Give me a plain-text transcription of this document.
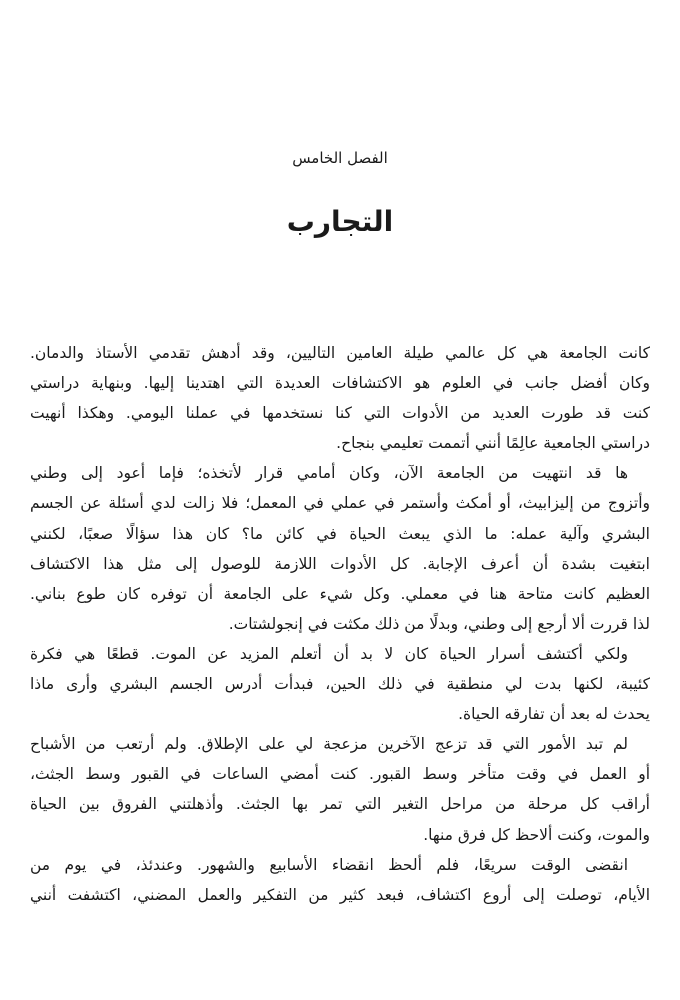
الفصل الخامس
التجارب
كانت الجامعة هي كل عالمي طيلة العامين التاليين، وقد أدهش تقدمي الأستاذ والدمان.
وكان أفضل جانب في العلوم هو الاكتشافات العديدة التي اهتدينا إليها. وبنهاية دراستي
كنت قد طورت العديد من الأدوات التي كنا نستخدمها في عملنا اليومي. وهكذا أنهيت
دراستي الجامعية عالِمًا أنني أتممت تعليمي بنجاح.
ها قد انتهيت من الجامعة الآن، وكان أمامي قرار لأتخذه؛ فإما أعود إلى وطني
وأتزوج من إليزابيث، أو أمكث وأستمر في عملي في المعمل؛ فلا زالت لدي أسئلة عن الجسم
البشري وآلية عمله: ما الذي يبعث الحياة في كائن ما؟ كان هذا سؤالًا صعبًا، لكنني
ابتغيت بشدة أن أعرف الإجابة. كل الأدوات اللازمة للوصول إلى مثل هذا الاكتشاف
العظيم كانت متاحة هنا في معملي. وكل شيء على الجامعة أن توفره كان طوع بناني.
لذا قررت ألا أرجع إلى وطني، وبدلًا من ذلك مكثت في إنجولشتات.
ولكي أكتشف أسرار الحياة كان لا بد أن أتعلم المزيد عن الموت. قطعًا هي فكرة
كئيبة، لكنها بدت لي منطقية في ذلك الحين، فبدأت أدرس الجسم البشري وأرى ماذا
يحدث له بعد أن تفارقه الحياة.
لم تبد الأمور التي قد تزعج الآخرين مزعجة لي على الإطلاق. ولم أرتعب من الأشباح
أو العمل في وقت متأخر وسط القبور. كنت أمضي الساعات في القبور وسط الجثث،
أراقب كل مرحلة من مراحل التغير التي تمر بها الجثث. وأذهلتني الفروق بين الحياة
والموت، وكنت ألاحظ كل فرق منها.
انقضى الوقت سريعًا، فلم ألحظ انقضاء الأسابيع والشهور. وعندئذ، في يوم من
الأيام، توصلت إلى أروع اكتشاف، فبعد كثير من التفكير والعمل المضني، اكتشفت أنني
